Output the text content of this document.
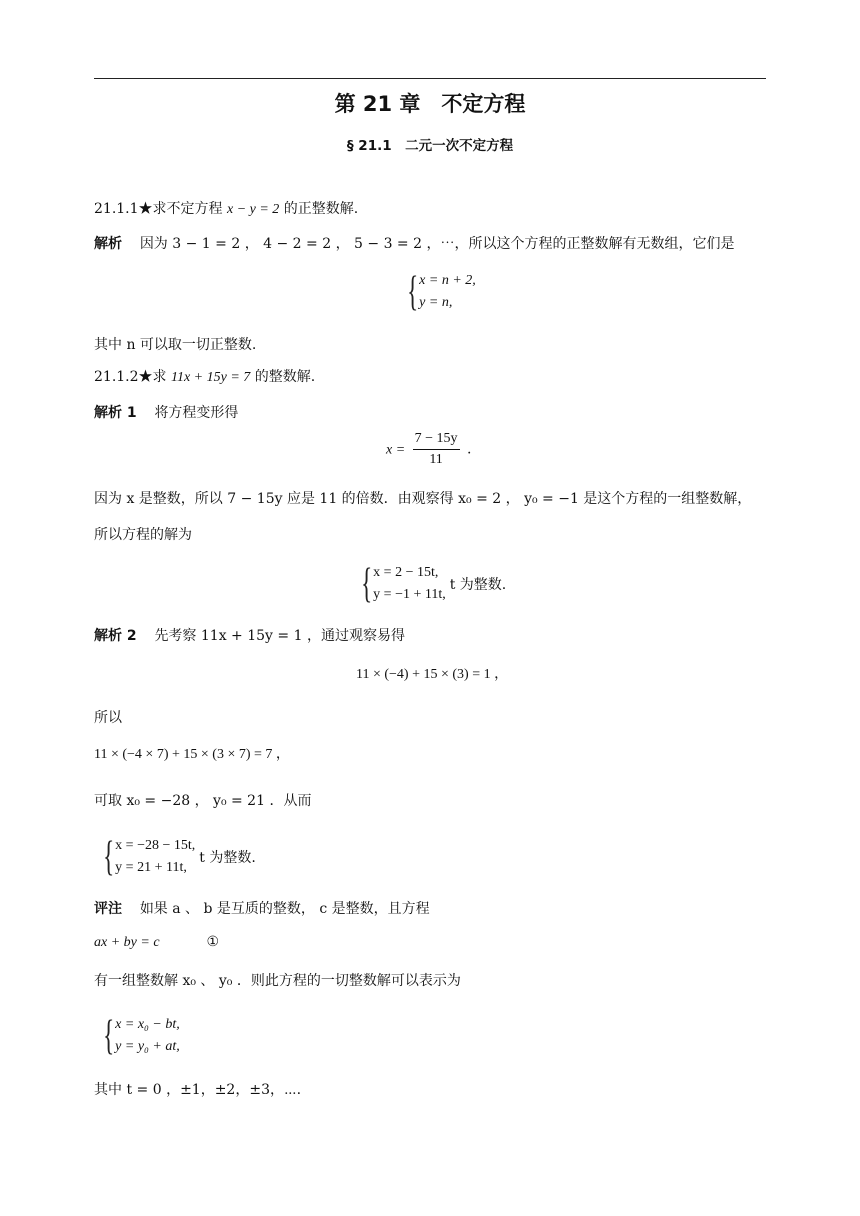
第 21 章　不定方程
§ 21.1　二元一次不定方程
21.1.1★求不定方程 x − y = 2 的正整数解.
解析 因为 3 − 1 = 2 ， 4 − 2 = 2 ， 5 − 3 = 2 ，⋯，所以这个方程的正整数解有无数组，它们是
{ x = n + 2,
y = n,
其中 n 可以取一切正整数.
21.1.2★求 11x + 15y = 7 的整数解.
解析 1 将方程变形得
$x = \frac{7 - 15y}{11}$ .
因为 x 是整数，所以 7 − 15y 应是 11 的倍数．由观察得 x₀ = 2 ， y₀ = −1 是这个方程的一组整数解，
所以方程的解为
{ x = 2 − 15t,
y = −1 + 11t,
t 为整数.
解析 2 先考察 11x + 15y = 1 ，通过观察易得
11 × (−4) + 15 × (3) = 1 ，
所以
11 × (−4 × 7) + 15 × (3 × 7) = 7 ，
可取 x₀ = −28 ， y₀ = 21 ．从而
{ x = −28 − 15t,
y = 21 + 11t,
t 为整数.
评注 如果 a 、 b 是互质的整数， c 是整数，且方程
ax + by = c	①
有一组整数解 x₀ 、 y₀ ．则此方程的一切整数解可以表示为
{ x = x₀ − bt,
y = y₀ + at,
其中 t = 0 ，±1，±2，±3，⋯.
